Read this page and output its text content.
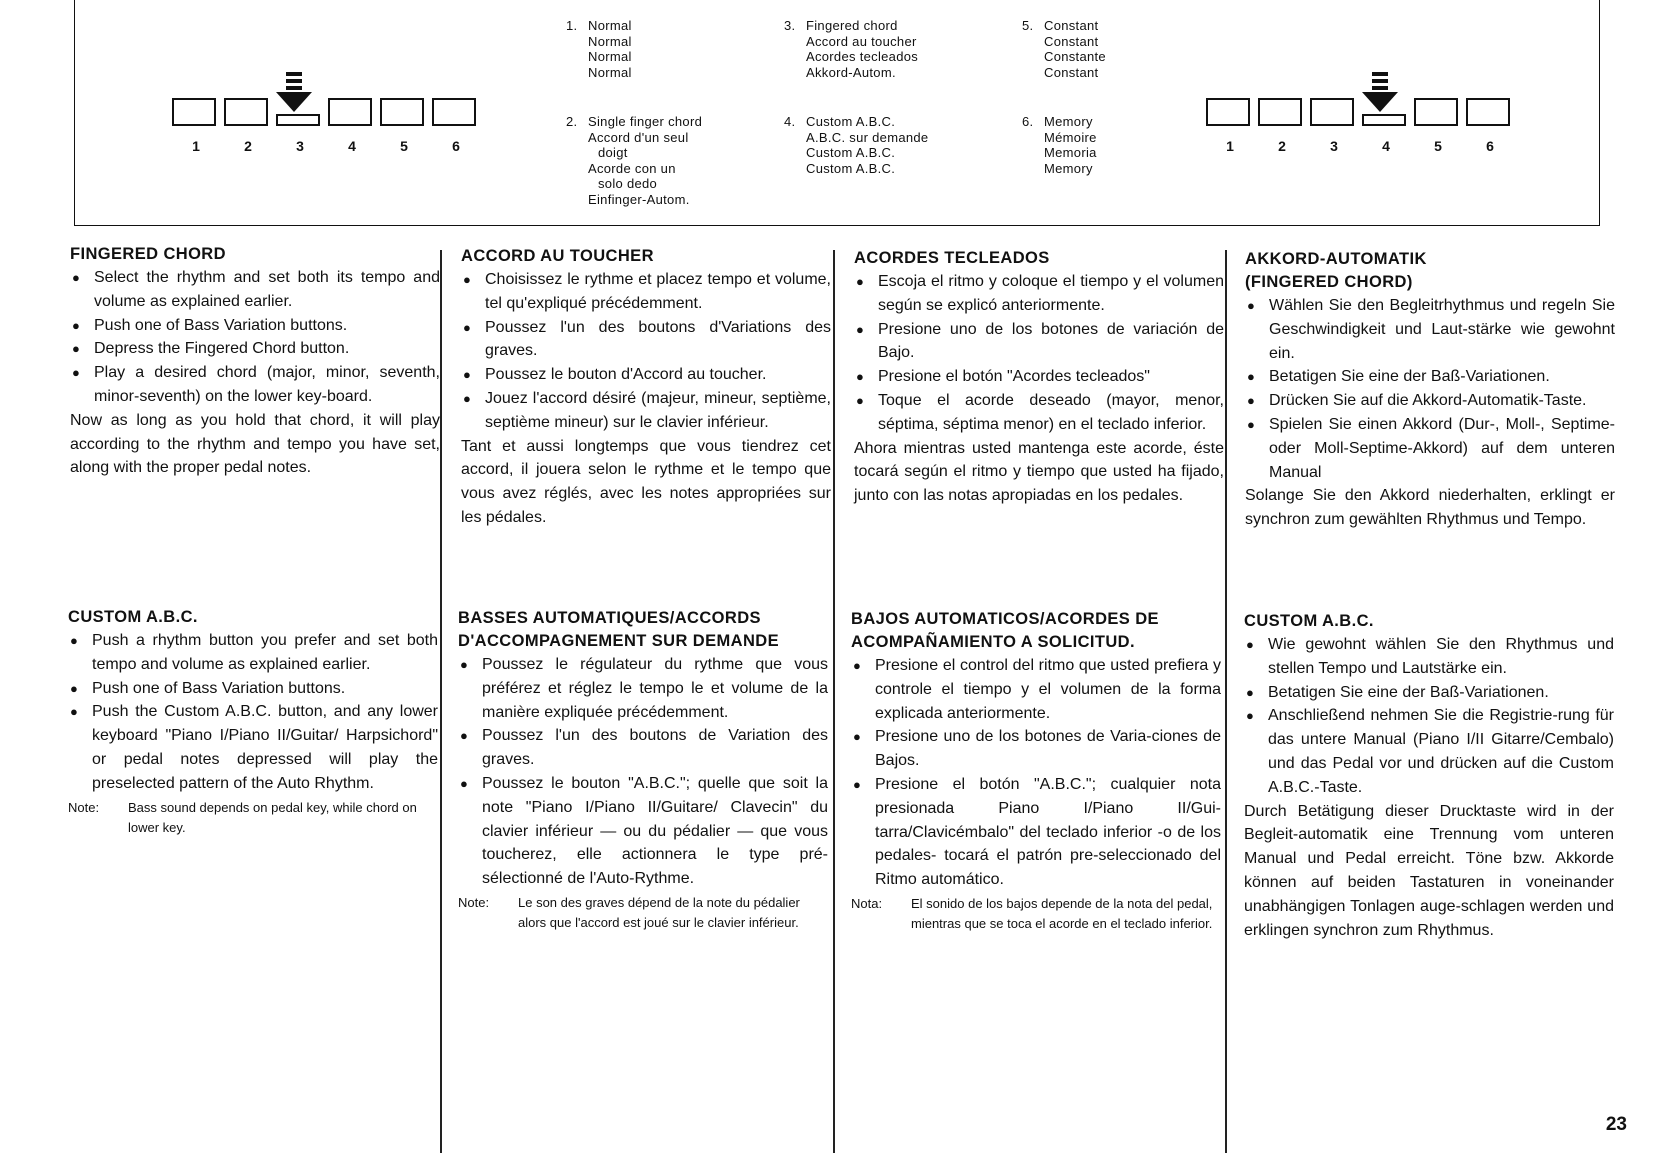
1	2	3	4	5	6	1	2	3	4	5	6
1. Normal
Normal
Normal
Normal
2. Single finger chord
Accord d'un seul
doigt
Acorde con un
solo dedo
Einfinger-Autom.
3. Fingered chord
Accord au toucher
Acordes tecleados
Akkord-Autom.
4. Custom A.B.C.
A.B.C. sur demande
Custom A.B.C.
Custom A.B.C.
5. Constant
Constant
Constante
Constant
6. Memory
Mémoire
Memoria
Memory
FINGERED CHORD
● Select the rhythm and set both its tempo and volume as explained earlier.
● Push one of Bass Variation buttons.
● Depress the Fingered Chord button.
● Play a desired chord (major, minor, seventh, minor-seventh) on the lower key-board.

Now as long as you hold that chord, it will play according to the rhythm and tempo you have set, along with the proper pedal notes.

CUSTOM A.B.C.
● Push a rhythm button you prefer and set both tempo and volume as explained earlier.
● Push one of Bass Variation buttons.
● Push the Custom A.B.C. button, and any lower keyboard "Piano I/Piano II/Guitar/ Harpsichord" or pedal notes depressed will play the preselected pattern of the Auto Rhythm.
Note:	Bass sound depends on pedal key, while chord on lower key.
ACCORD AU TOUCHER
● Choisissez le rythme et placez tempo et volume, tel qu'expliqué précédemment.
● Poussez l'un des boutons d'Variations des graves.
● Poussez le bouton d'Accord au toucher.
● Jouez l'accord désiré (majeur, mineur, septième, septième mineur) sur le clavier inférieur.

Tant et aussi longtemps que vous tiendrez cet accord, il jouera selon le rythme et le tempo que vous avez réglés, avec les notes appropriées sur les pédales.

BASSES AUTOMATIQUES/ACCORDS D'ACCOMPAGNEMENT SUR DEMANDE
● Poussez le régulateur du rythme que vous préférez et réglez le tempo le et volume de la manière expliquée précédemment.
● Poussez l'un des boutons de Variation des graves.
● Poussez le bouton "A.B.C."; quelle que soit la note "Piano I/Piano II/Guitare/ Clavecin" du clavier inférieur — ou du pédalier — que vous toucherez, elle actionnera le type pré-sélectionné de l'Auto-Rythme.
Note:	Le son des graves dépend de la note du pédalier alors que l'accord est joué sur le clavier inférieur.
ACORDES TECLEADOS
● Escoja el ritmo y coloque el tiempo y el volumen según se explicó anteriormente.
● Presione uno de los botones de variación de Bajo.
● Presione el botón "Acordes tecleados"
● Toque el acorde deseado (mayor, menor, séptima, séptima menor) en el teclado inferior.

Ahora mientras usted mantenga este acorde, éste tocará según el ritmo y tiempo que usted ha fijado, junto con las notas apropiadas en los pedales.

BAJOS AUTOMATICOS/ACORDES DE ACOMPAÑAMIENTO A SOLICITUD.
● Presione el control del ritmo que usted prefiera y controle el tiempo y el volumen de la forma explicada anteriormente.
● Presione uno de los botones de Varia-ciones de Bajos.
● Presione el botón "A.B.C."; cualquier nota presionada Piano I/Piano II/Gui-tarra/Clavicémbalo" del teclado inferior -o de los pedales- tocará el patrón pre-seleccionado del Ritmo automático.
Nota:	El sonido de los bajos depende de la nota del pedal, mientras que se toca el acorde en el teclado inferior.
AKKORD-AUTOMATIK (FINGERED CHORD)
● Wählen Sie den Begleitrhythmus und regeln Sie Geschwindigkeit und Laut-stärke wie gewohnt ein.
● Betatigen Sie eine der Baß-Variationen.
● Drücken Sie auf die Akkord-Automatik-Taste.
● Spielen Sie einen Akkord (Dur-, Moll-, Septime- oder Moll-Septime-Akkord) auf dem unteren Manual

Solange Sie den Akkord niederhalten, erklingt er synchron zum gewählten Rhythmus und Tempo.

CUSTOM A.B.C.
● Wie gewohnt wählen Sie den Rhythmus und stellen Tempo und Lautstärke ein.
● Betatigen Sie eine der Baß-Variationen.
● Anschließend nehmen Sie die Registrie-rung für das untere Manual (Piano I/II Gitarre/Cembalo) und das Pedal vor und drücken auf die Custom A.B.C.-Taste.

Durch Betätigung dieser Drucktaste wird in der Begleit-automatik eine Trennung vom unteren Manual und Pedal erreicht. Töne bzw. Akkorde können auf beiden Tastaturen in voneinander unabhängigen Tonlagen auge-schlagen werden und erklingen synchron zum Rhythmus.

23
